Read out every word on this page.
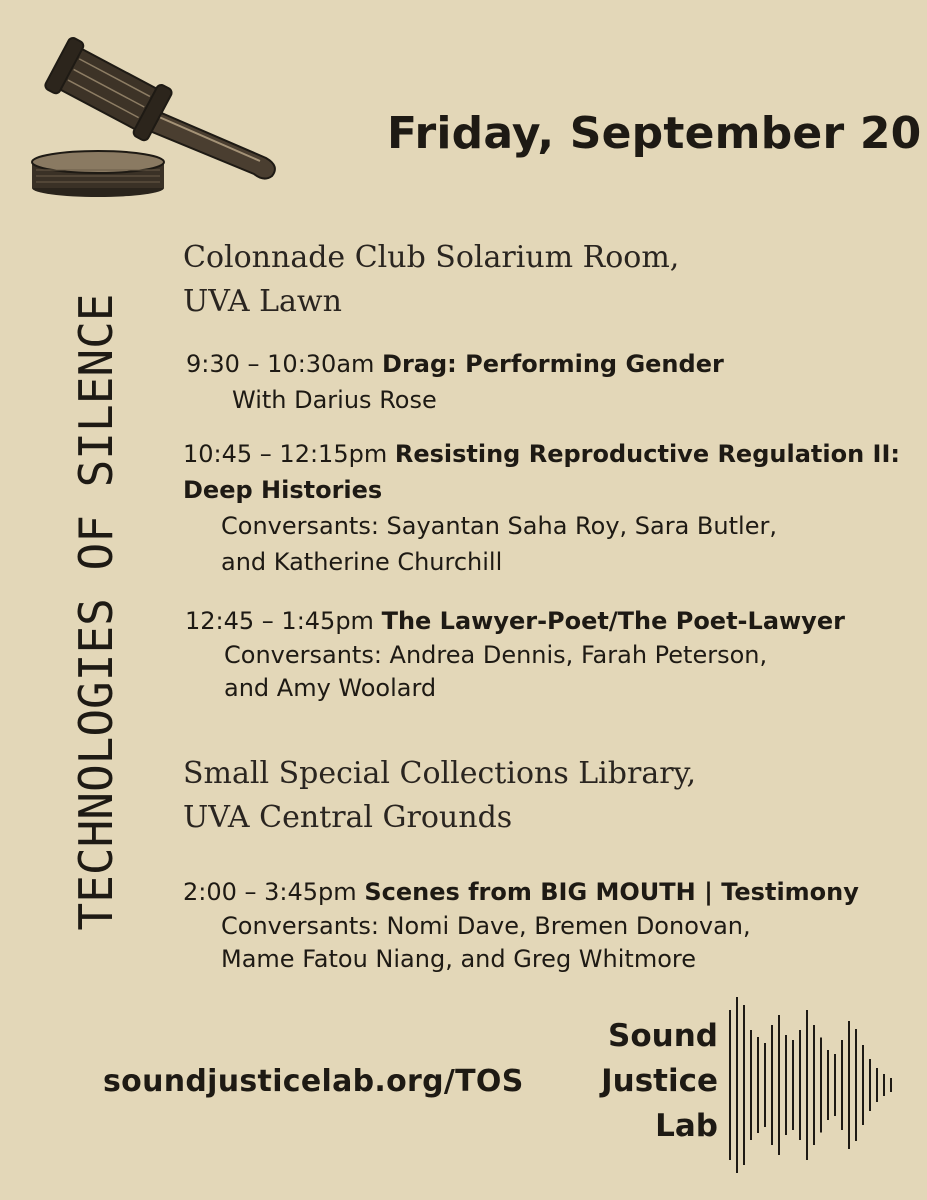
Friday, September 20
TECHNOLOGIES OF SILENCE
Colonnade Club Solarium Room,
UVA Lawn
9:30 – 10:30am Drag: Performing Gender
With Darius Rose
10:45 – 12:15pm Resisting Reproductive Regulation II:
Deep Histories
Conversants: Sayantan Saha Roy, Sara Butler,
and Katherine Churchill
12:45 – 1:45pm The Lawyer-Poet/The Poet-Lawyer
Conversants: Andrea Dennis, Farah Peterson,
and Amy Woolard
Small Special Collections Library,
UVA Central Grounds
2:00 – 3:45pm Scenes from BIG MOUTH | Testimony
Conversants: Nomi Dave, Bremen Donovan,
Mame Fatou Niang, and Greg Whitmore
soundjusticelab.org/TOS
Sound
Justice
Lab
